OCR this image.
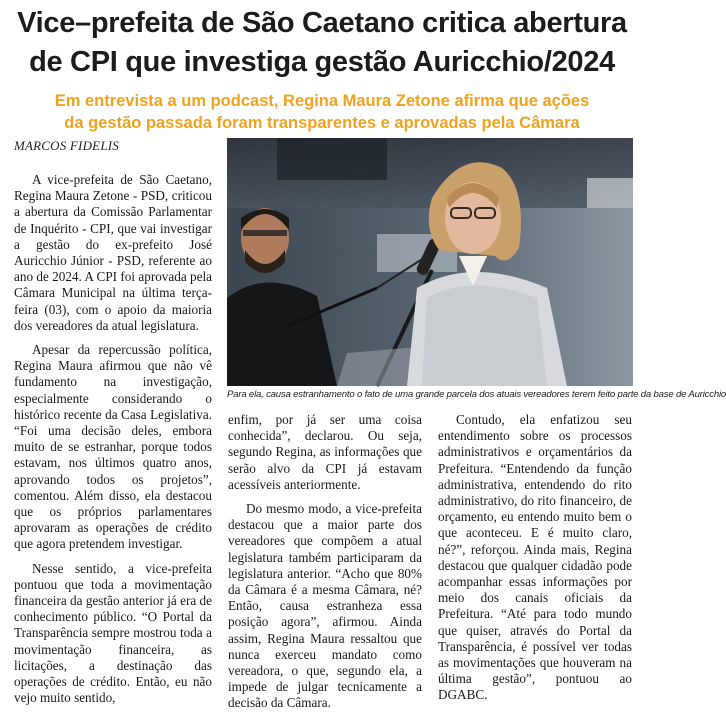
Vice–prefeita de São Caetano critica abertura
de CPI que investiga gestão Auricchio/2024
Em entrevista a um podcast, Regina Maura Zetone afirma que ações
da gestão passada foram transparentes e aprovadas pela Câmara
MARCOS FIDELIS

A vice-prefeita de São Caetano, Regina Maura Zetone - PSD, criticou a abertura da Comissão Parlamentar de Inquérito - CPI, que vai investigar a gestão do ex-prefeito José Auricchio Júnior - PSD, referente ao ano de 2024. A CPI foi aprovada pela Câmara Municipal na última terça-feira (03), com o apoio da maioria dos vereadores da atual legislatura.

Apesar da repercussão política, Regina Maura afirmou que não vê fundamento na investigação, especialmente considerando o histórico recente da Casa Legislativa. “Foi uma decisão deles, embora muito de se estranhar, porque todos estavam, nos últimos quatro anos, aprovando todos os projetos”, comentou. Além disso, ela destacou que os próprios parlamentares aprovaram as operações de crédito que agora pretendem investigar.

Nesse sentido, a vice-prefeita pontuou que toda a movimentação financeira da gestão anterior já era de conhecimento público. “O Portal da Transparência sempre mostrou toda a movimentação financeira, as licitações, a destinação das operações de crédito. Então, eu não vejo muito sentido,

Para ela, causa estranhamento o fato de uma grande parcela dos atuais vereadores terem feito parte da base de Auricchio

enfim, por já ser uma coisa conhecida”, declarou. Ou seja, segundo Regina, as informações que serão alvo da CPI já estavam acessíveis anteriormente.

Do mesmo modo, a vice-prefeita destacou que a maior parte dos vereadores que compõem a atual legislatura também participaram da legislatura anterior. “Acho que 80% da Câmara é a mesma Câmara, né? Então, causa estranheza essa posição agora”, afirmou. Ainda assim, Regina Maura ressaltou que nunca exerceu mandato como vereadora, o que, segundo ela, a impede de julgar tecnicamente a decisão da Câmara.

Contudo, ela enfatizou seu entendimento sobre os processos administrativos e orçamentários da Prefeitura. “Entendendo da função administrativa, entendendo do rito administrativo, do rito financeiro, de orçamento, eu entendo muito bem o que aconteceu. E é muito claro, né?”, reforçou. Ainda mais, Regina destacou que qualquer cidadão pode acompanhar essas informações por meio dos canais oficiais da Prefeitura. “Até para todo mundo que quiser, através do Portal da Transparência, é possível ver todas as movimentações que houveram na última gestão”, pontuou ao DGABC.
